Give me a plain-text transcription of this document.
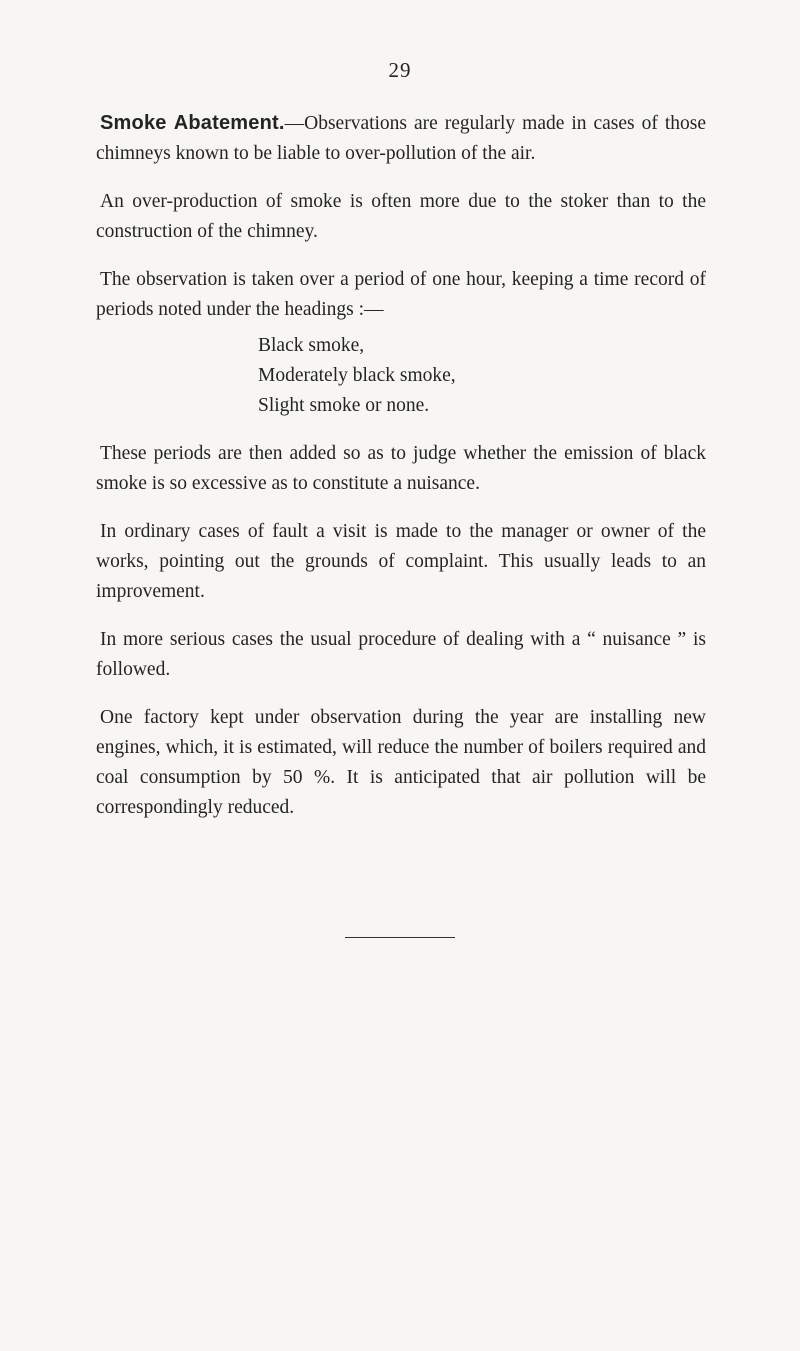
29

Smoke Abatement.—Observations are regularly made in cases of those chimneys known to be liable to over-pollution of the air.

An over-production of smoke is often more due to the stoker than to the construction of the chimney.

The observation is taken over a period of one hour, keeping a time record of periods noted under the headings :—

Black smoke,
Moderately black smoke,
Slight smoke or none.

These periods are then added so as to judge whether the emission of black smoke is so excessive as to constitute a nuisance.

In ordinary cases of fault a visit is made to the manager or owner of the works, pointing out the grounds of complaint. This usually leads to an improvement.

In more serious cases the usual procedure of dealing with a “ nuisance ” is followed.

One factory kept under observation during the year are installing new engines, which, it is estimated, will reduce the number of boilers required and coal consumption by 50 %. It is anticipated that air pollution will be correspondingly reduced.
